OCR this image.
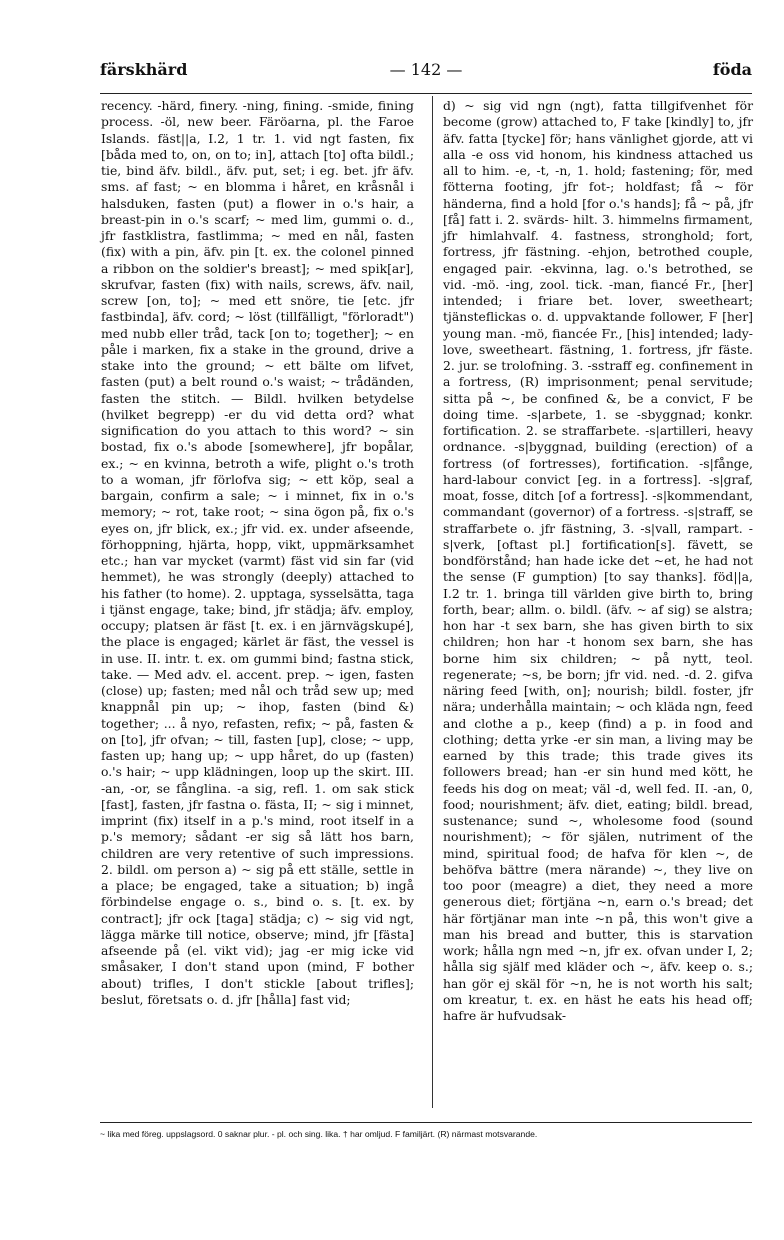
färskhärd	— 142 —	föda

recency. -härd, finery. -ning, fining. -smide, fining process. -öl, new beer. Färöarna, pl. the Faroe Islands. fäst||a, I.2, 1 tr. 1. vid ngt fasten, fix [båda med to, on, on to; in], attach [to] ofta bildl.; tie, bind äfv. bildl., äfv. put, set; i eg. bet. jfr äfv. sms. af fast; ~ en blomma i håret, en kråsnål i halsduken, fasten (put) a flower in o.'s hair, a breast-pin in o.'s scarf; ~ med lim, gummi o. d., jfr fastklistra, fastlimma; ~ med en nål, fasten (fix) with a pin, äfv. pin [t. ex. the colonel pinned a ribbon on the soldier's breast]; ~ med spik[ar], skrufvar, fasten (fix) with nails, screws, äfv. nail, screw [on, to]; ~ med ett snöre, tie [etc. jfr fastbinda], äfv. cord; ~ löst (tillfälligt, "förloradt") med nubb eller tråd, tack [on to; together]; ~ en påle i marken, fix a stake in the ground, drive a stake into the ground; ~ ett bälte om lifvet, fasten (put) a belt round o.'s waist; ~ trådänden, fasten the stitch. — Bildl. hvilken betydelse (hvilket begrepp) -er du vid detta ord? what signification do you attach to this word? ~ sin bostad, fix o.'s abode [somewhere], jfr bopålar, ex.; ~ en kvinna, betroth a wife, plight o.'s troth to a woman, jfr förlofva sig; ~ ett köp, seal a bargain, confirm a sale; ~ i minnet, fix in o.'s memory; ~ rot, take root; ~ sina ögon på, fix o.'s eyes on, jfr blick, ex.; jfr vid. ex. under afseende, förhoppning, hjärta, hopp, vikt, uppmärksamhet etc.; han var mycket (varmt) fäst vid sin far (vid hemmet), he was strongly (deeply) attached to his father (to home). 2. upptaga, sysselsätta, taga i tjänst engage, take; bind, jfr städja; äfv. employ, occupy; platsen är fäst [t. ex. i en järnvägskupé], the place is engaged; kärlet är fäst, the vessel is in use. II. intr. t. ex. om gummi bind; fastna stick, take. — Med adv. el. accent. prep. ~ igen, fasten (close) up; fasten; med nål och tråd sew up; med knappnål pin up; ~ ihop, fasten (bind &) together; ... å nyo, refasten, refix; ~ på, fasten & on [to], jfr ofvan; ~ till, fasten [up], close; ~ upp, fasten up; hang up; ~ upp håret, do up (fasten) o.'s hair; ~ upp klädningen, loop up the skirt. III. -an, -or, se fånglina. -a sig, refl. 1. om sak stick [fast], fasten, jfr fastna o. fästa, II; ~ sig i minnet, imprint (fix) itself in a p.'s mind, root itself in a p.'s memory; sådant -er sig så lätt hos barn, children are very retentive of such impressions. 2. bildl. om person a) ~ sig på ett ställe, settle in a place; be engaged, take a situation; b) ingå förbindelse engage o. s., bind o. s. [t. ex. by contract]; jfr ock [taga] städja; c) ~ sig vid ngt, lägga märke till notice, observe; mind, jfr [fästa] afseende på (el. vikt vid); jag -er mig icke vid småsaker, I don't stand upon (mind, F bother about) trifles, I don't stickle [about trifles]; beslut, företsats o. d. jfr [hålla] fast vid;

d) ~ sig vid ngn (ngt), fatta tillgifvenhet för become (grow) attached to, F take [kindly] to, jfr äfv. fatta [tycke] för; hans vänlighet gjorde, att vi alla -e oss vid honom, his kindness attached us all to him. -e, -t, -n, 1. hold; fastening; för, med fötterna footing, jfr fot-; holdfast; få ~ för händerna, find a hold [for o.'s hands]; få ~ på, jfr [få] fatt i. 2. svärds- hilt. 3. himmelns firmament, jfr himlahvalf. 4. fastness, stronghold; fort, fortress, jfr fästning. -ehjon, betrothed couple, engaged pair. -ekvinna, lag. o.'s betrothed, se vid. -mö. -ing, zool. tick. -man, fiancé Fr., [her] intended; i friare bet. lover, sweetheart; tjänsteflickas o. d. uppvaktande follower, F [her] young man. -mö, fiancée Fr., [his] intended; lady-love, sweetheart. fästning, 1. fortress, jfr fäste. 2. jur. se trolofning. 3. -sstraff eg. confinement in a fortress, (R) imprisonment; penal servitude; sitta på ~, be confined &, be a convict, F be doing time. -s|arbete, 1. se -sbyggnad; konkr. fortification. 2. se straffarbete. -s|artilleri, heavy ordnance. -s|byggnad, building (erection) of a fortress (of fortresses), fortification. -s|fånge, hard-labour convict [eg. in a fortress]. -s|graf, moat, fosse, ditch [of a fortress]. -s|kommendant, commandant (governor) of a fortress. -s|straff, se straffarbete o. jfr fästning, 3. -s|vall, rampart. -s|verk, [oftast pl.] fortification[s]. fävett, se bondförstånd; han hade icke det ~et, he had not the sense (F gumption) [to say thanks]. föd||a, I.2 tr. 1. bringa till världen give birth to, bring forth, bear; allm. o. bildl. (äfv. ~ af sig) se alstra; hon har -t sex barn, she has given birth to six children; hon har -t honom sex barn, she has borne him six children; ~ på nytt, teol. regenerate; ~s, be born; jfr vid. ned. -d. 2. gifva näring feed [with, on]; nourish; bildl. foster, jfr nära; underhålla maintain; ~ och kläda ngn, feed and clothe a p., keep (find) a p. in food and clothing; detta yrke -er sin man, a living may be earned by this trade; this trade gives its followers bread; han -er sin hund med kött, he feeds his dog on meat; väl -d, well fed. II. -an, 0, food; nourishment; äfv. diet, eating; bildl. bread, sustenance; sund ~, wholesome food (sound nourishment); ~ för själen, nutriment of the mind, spiritual food; de hafva för klen ~, de behöfva bättre (mera närande) ~, they live on too poor (meagre) a diet, they need a more generous diet; förtjäna ~n, earn o.'s bread; det här förtjänar man inte ~n på, this won't give a man his bread and butter, this is starvation work; hålla ngn med ~n, jfr ex. ofvan under I, 2; hålla sig själf med kläder och ~, äfv. keep o. s.; han gör ej skäl för ~n, he is not worth his salt; om kreatur, t. ex. en häst he eats his head off; hafre är hufvudsak-

~ lika med föreg. uppslagsord. 0 saknar plur. - pl. och sing. lika. † har omljud. F familjärt. (R) närmast motsvarande.
